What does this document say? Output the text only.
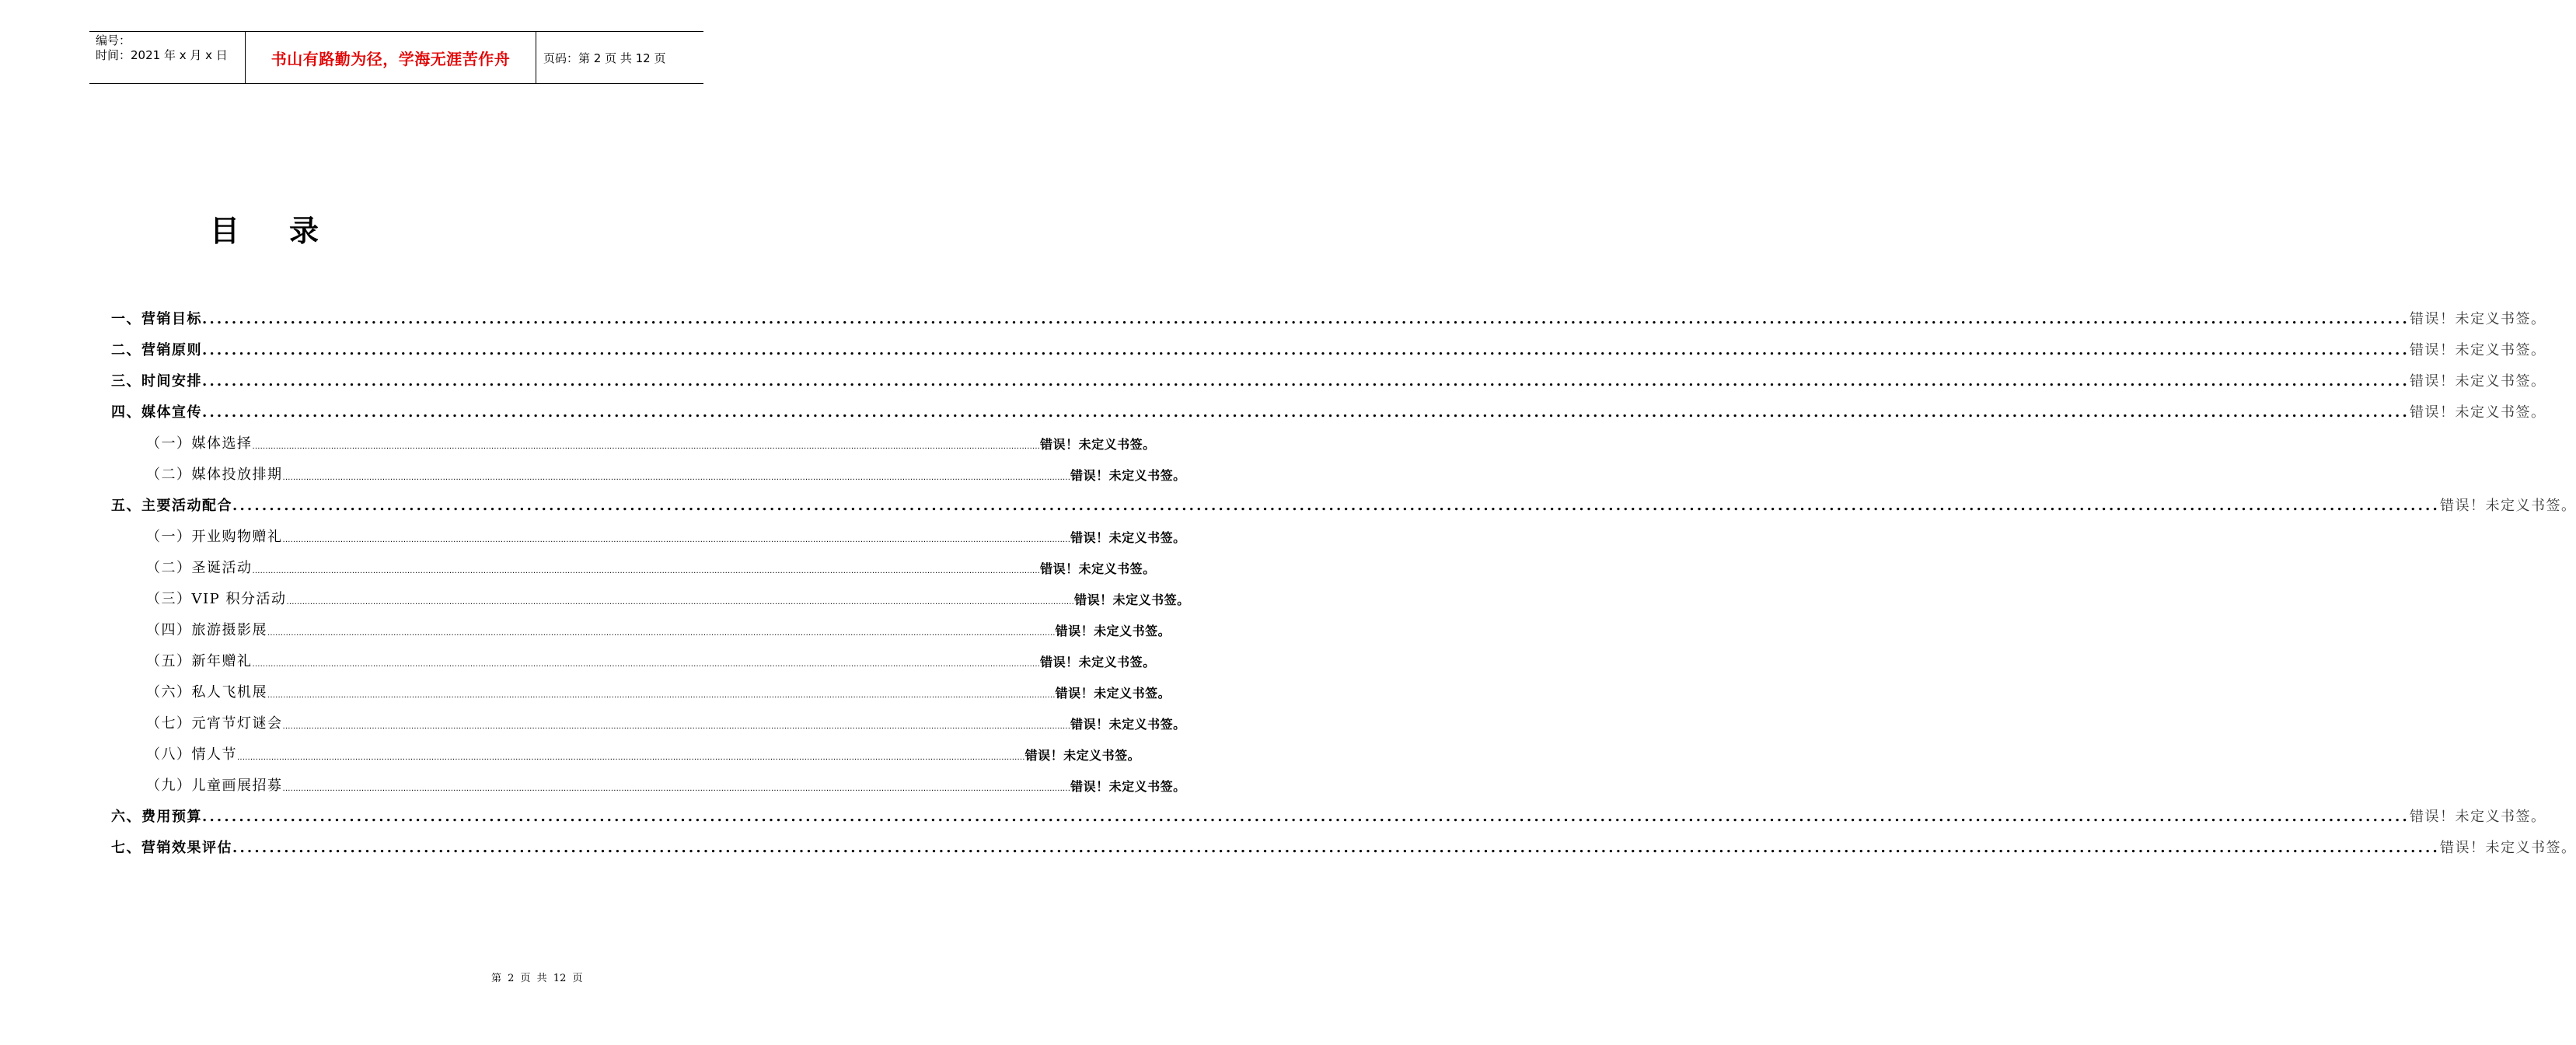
编号：
时间：2021 年 x 月 x 日	书山有路勤为径，学海无涯苦作舟	页码：第 2 页 共 12 页
目录
一、营销目标 ............................................................................................................................................................................................................................................................................................................ 错误！未定义书签。
二、营销原则 ............................................................................................................................................................................................................................................................................................................ 错误！未定义书签。
三、时间安排 ............................................................................................................................................................................................................................................................................................................ 错误！未定义书签。
四、媒体宣传 ............................................................................................................................................................................................................................................................................................................ 错误！未定义书签。
（一）媒体选择 ............................................................................................................................................................................................................................................................................................................ 错误！未定义书签。
（二）媒体投放排期 ............................................................................................................................................................................................................................................................................................................ 错误！未定义书签。
五、主要活动配合 ............................................................................................................................................................................................................................................................................................................ 错误！未定义书签。
（一）开业购物赠礼 ............................................................................................................................................................................................................................................................................................................ 错误！未定义书签。
（二）圣诞活动 ............................................................................................................................................................................................................................................................................................................ 错误！未定义书签。
（三）VIP 积分活动 ............................................................................................................................................................................................................................................................................................................ 错误！未定义书签。
（四）旅游摄影展 ............................................................................................................................................................................................................................................................................................................ 错误！未定义书签。
（五）新年赠礼 ............................................................................................................................................................................................................................................................................................................ 错误！未定义书签。
（六）私人飞机展 ............................................................................................................................................................................................................................................................................................................ 错误！未定义书签。
（七）元宵节灯谜会 ............................................................................................................................................................................................................................................................................................................ 错误！未定义书签。
（八）情人节 ............................................................................................................................................................................................................................................................................................................ 错误！未定义书签。
（九）儿童画展招募 ............................................................................................................................................................................................................................................................................................................ 错误！未定义书签。
六、费用预算 ............................................................................................................................................................................................................................................................................................................ 错误！未定义书签。
七、营销效果评估 ............................................................................................................................................................................................................................................................................................................ 错误！未定义书签。
第 2 页 共 12 页
